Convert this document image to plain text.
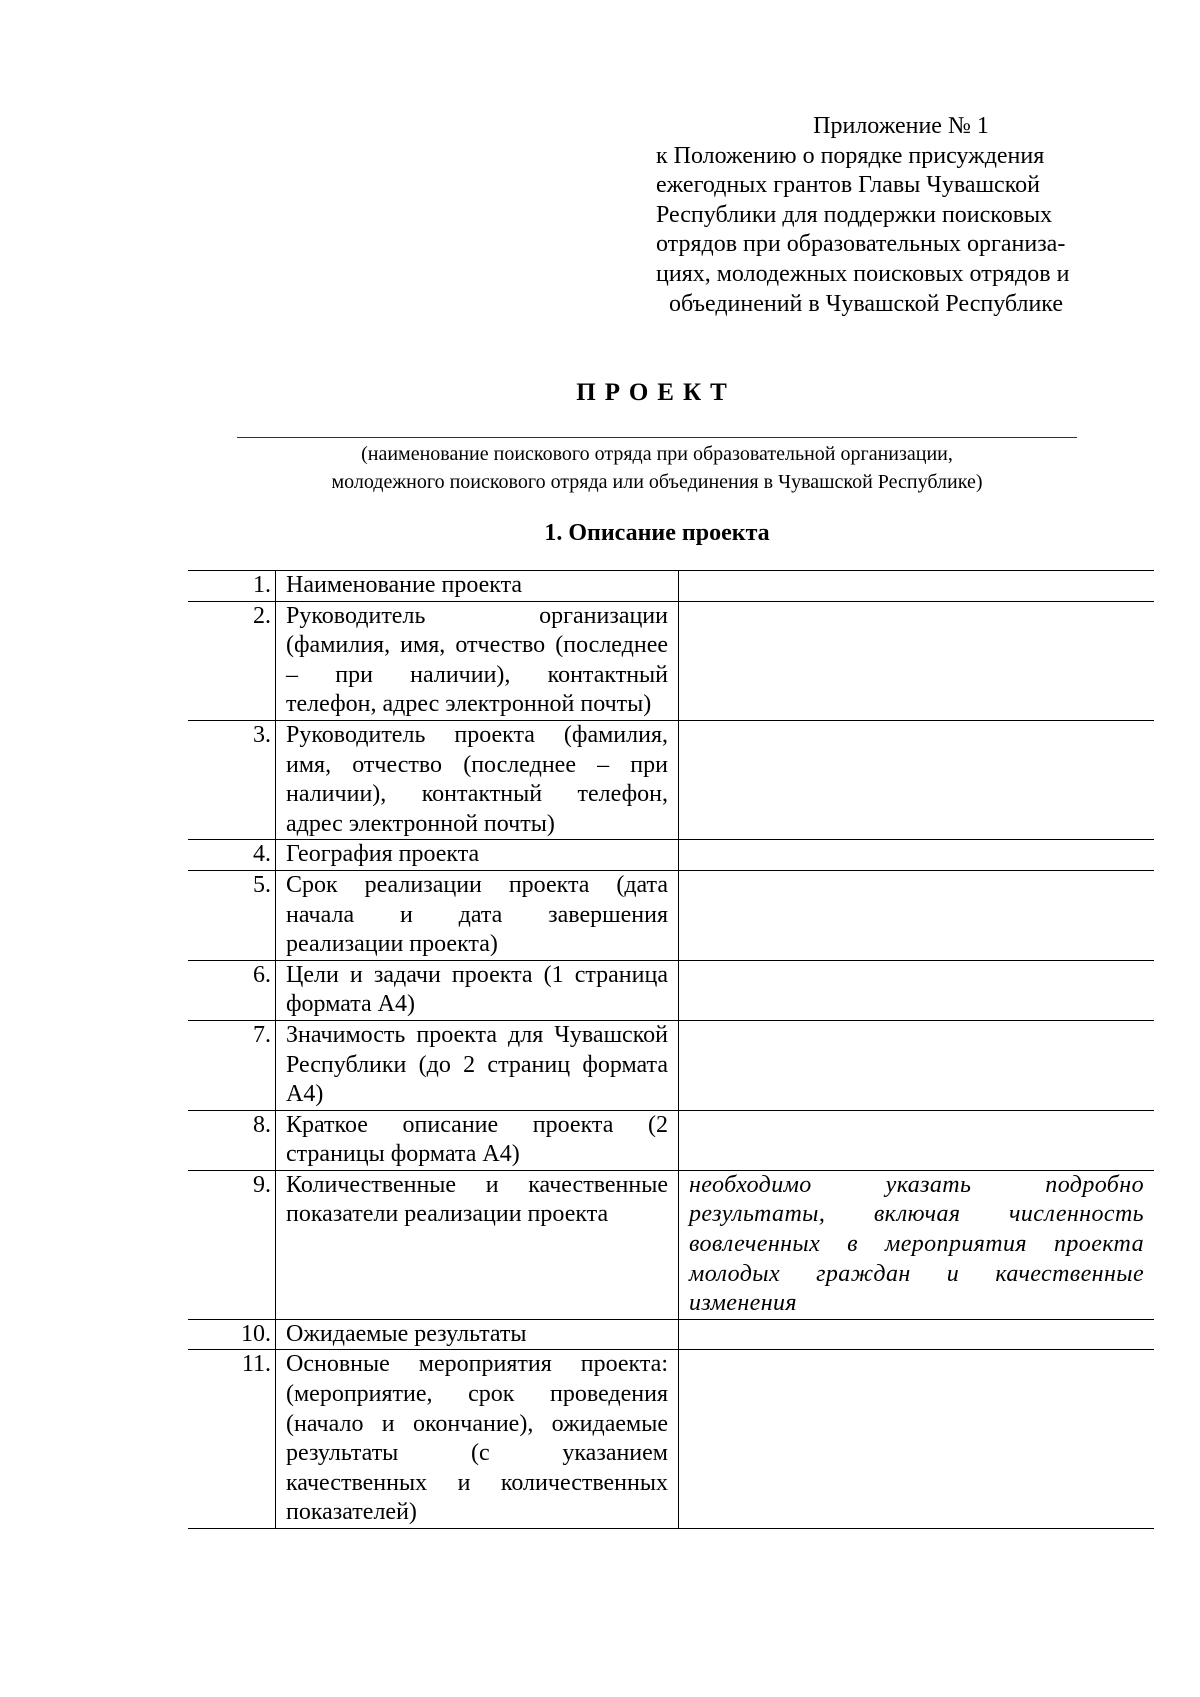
Приложение № 1
к Положению о порядке присуждения
ежегодных грантов Главы Чувашской
Республики для поддержки поисковых
отрядов при образовательных организа-
циях, молодежных поисковых отрядов и
объединений в Чувашской Республике
ПРОЕКТ
(наименование поискового отряда при образовательной организации,
молодежного поискового отряда или объединения в Чувашской Республике)
1. Описание проекта
1.	Наименование проекта	
2.	Руководитель организации (фамилия, имя, отчество (последнее – при наличии), контактный телефон, адрес электронной почты)	
3.	Руководитель проекта (фамилия, имя, отчество (последнее – при наличии), контактный телефон, адрес электронной почты)	
4.	География проекта	
5.	Срок реализации проекта (дата начала и дата завершения реализации проекта)	
6.	Цели и задачи проекта (1 страница формата А4)	
7.	Значимость проекта для Чувашской Республики (до 2 страниц формата А4)	
8.	Краткое описание проекта (2 страницы формата А4)	
9.	Количественные и качественные показатели реализации проекта	необходимо указать подробно результаты, включая численность вовлеченных в мероприятия проекта молодых граждан и качественные изменения
10.	Ожидаемые результаты	
11.	Основные мероприятия проекта: (мероприятие, срок проведения (начало и окончание), ожидаемые результаты (с указанием качественных и количественных показателей)	
